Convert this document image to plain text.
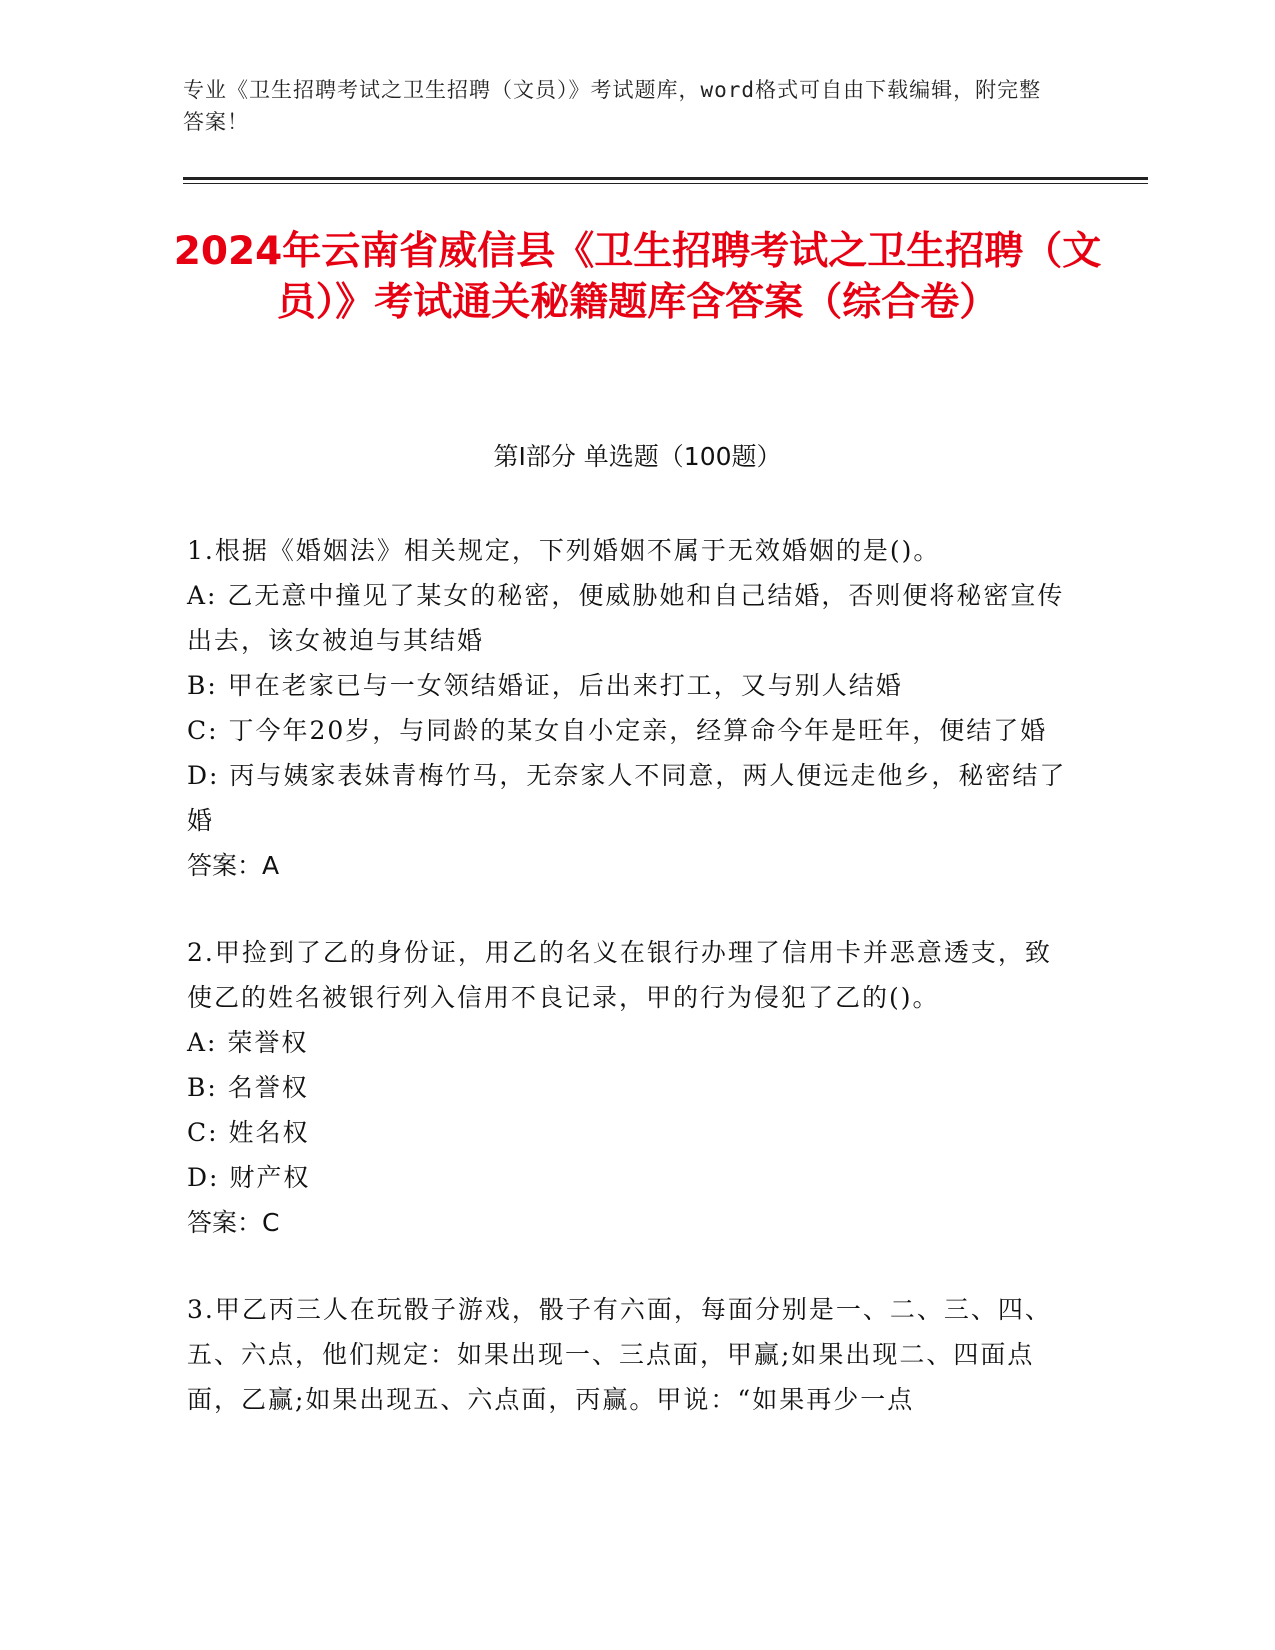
专业《卫生招聘考试之卫生招聘（文员）》考试题库，word格式可自由下载编辑，附完整答案！
2024年云南省威信县《卫生招聘考试之卫生招聘（文员）》考试通关秘籍题库含答案（综合卷）
第Ⅰ部分 单选题（100题）
1.根据《婚姻法》相关规定，下列婚姻不属于无效婚姻的是()。
A: 乙无意中撞见了某女的秘密，便威胁她和自己结婚，否则便将秘密宣传出去，该女被迫与其结婚
B: 甲在老家已与一女领结婚证，后出来打工，又与别人结婚
C: 丁今年20岁，与同龄的某女自小定亲，经算命今年是旺年，便结了婚
D: 丙与姨家表妹青梅竹马，无奈家人不同意，两人便远走他乡，秘密结了婚
答案：A
2.甲捡到了乙的身份证，用乙的名义在银行办理了信用卡并恶意透支，致使乙的姓名被银行列入信用不良记录，甲的行为侵犯了乙的()。
A: 荣誉权
B: 名誉权
C: 姓名权
D: 财产权
答案：C
3.甲乙丙三人在玩骰子游戏，骰子有六面，每面分别是一、二、三、四、五、六点，他们规定：如果出现一、三点面，甲赢;如果出现二、四面点面，乙赢;如果出现五、六点面，丙赢。甲说：“如果再少一点
